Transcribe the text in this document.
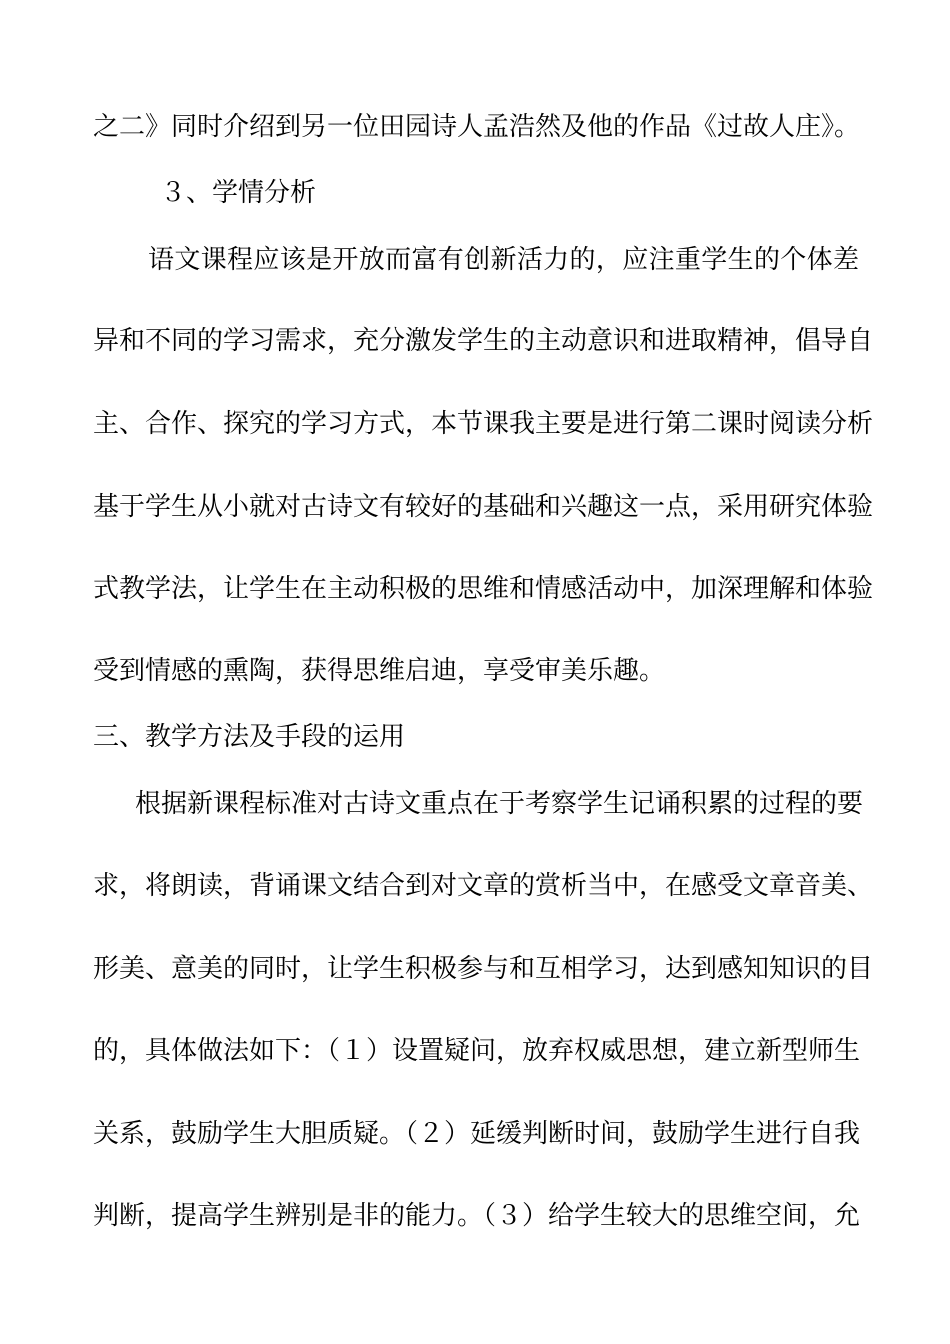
之二》同时介绍到另一位田园诗人孟浩然及他的作品《过故人庄》。
３、学情分析
语文课程应该是开放而富有创新活力的，应注重学生的个体差
异和不同的学习需求，充分激发学生的主动意识和进取精神，倡导自
主、合作、探究的学习方式，本节课我主要是进行第二课时阅读分析
基于学生从小就对古诗文有较好的基础和兴趣这一点，采用研究体验
式教学法，让学生在主动积极的思维和情感活动中，加深理解和体验
受到情感的熏陶，获得思维启迪，享受审美乐趣。
三、教学方法及手段的运用
根据新课程标准对古诗文重点在于考察学生记诵积累的过程的要
求，将朗读，背诵课文结合到对文章的赏析当中，在感受文章音美、
形美、意美的同时，让学生积极参与和互相学习，达到感知知识的目
的，具体做法如下：（１）设置疑问，放弃权威思想，建立新型师生
关系，鼓励学生大胆质疑。（２）延缓判断时间，鼓励学生进行自我
判断，提高学生辨别是非的能力。（３）给学生较大的思维空间，允
